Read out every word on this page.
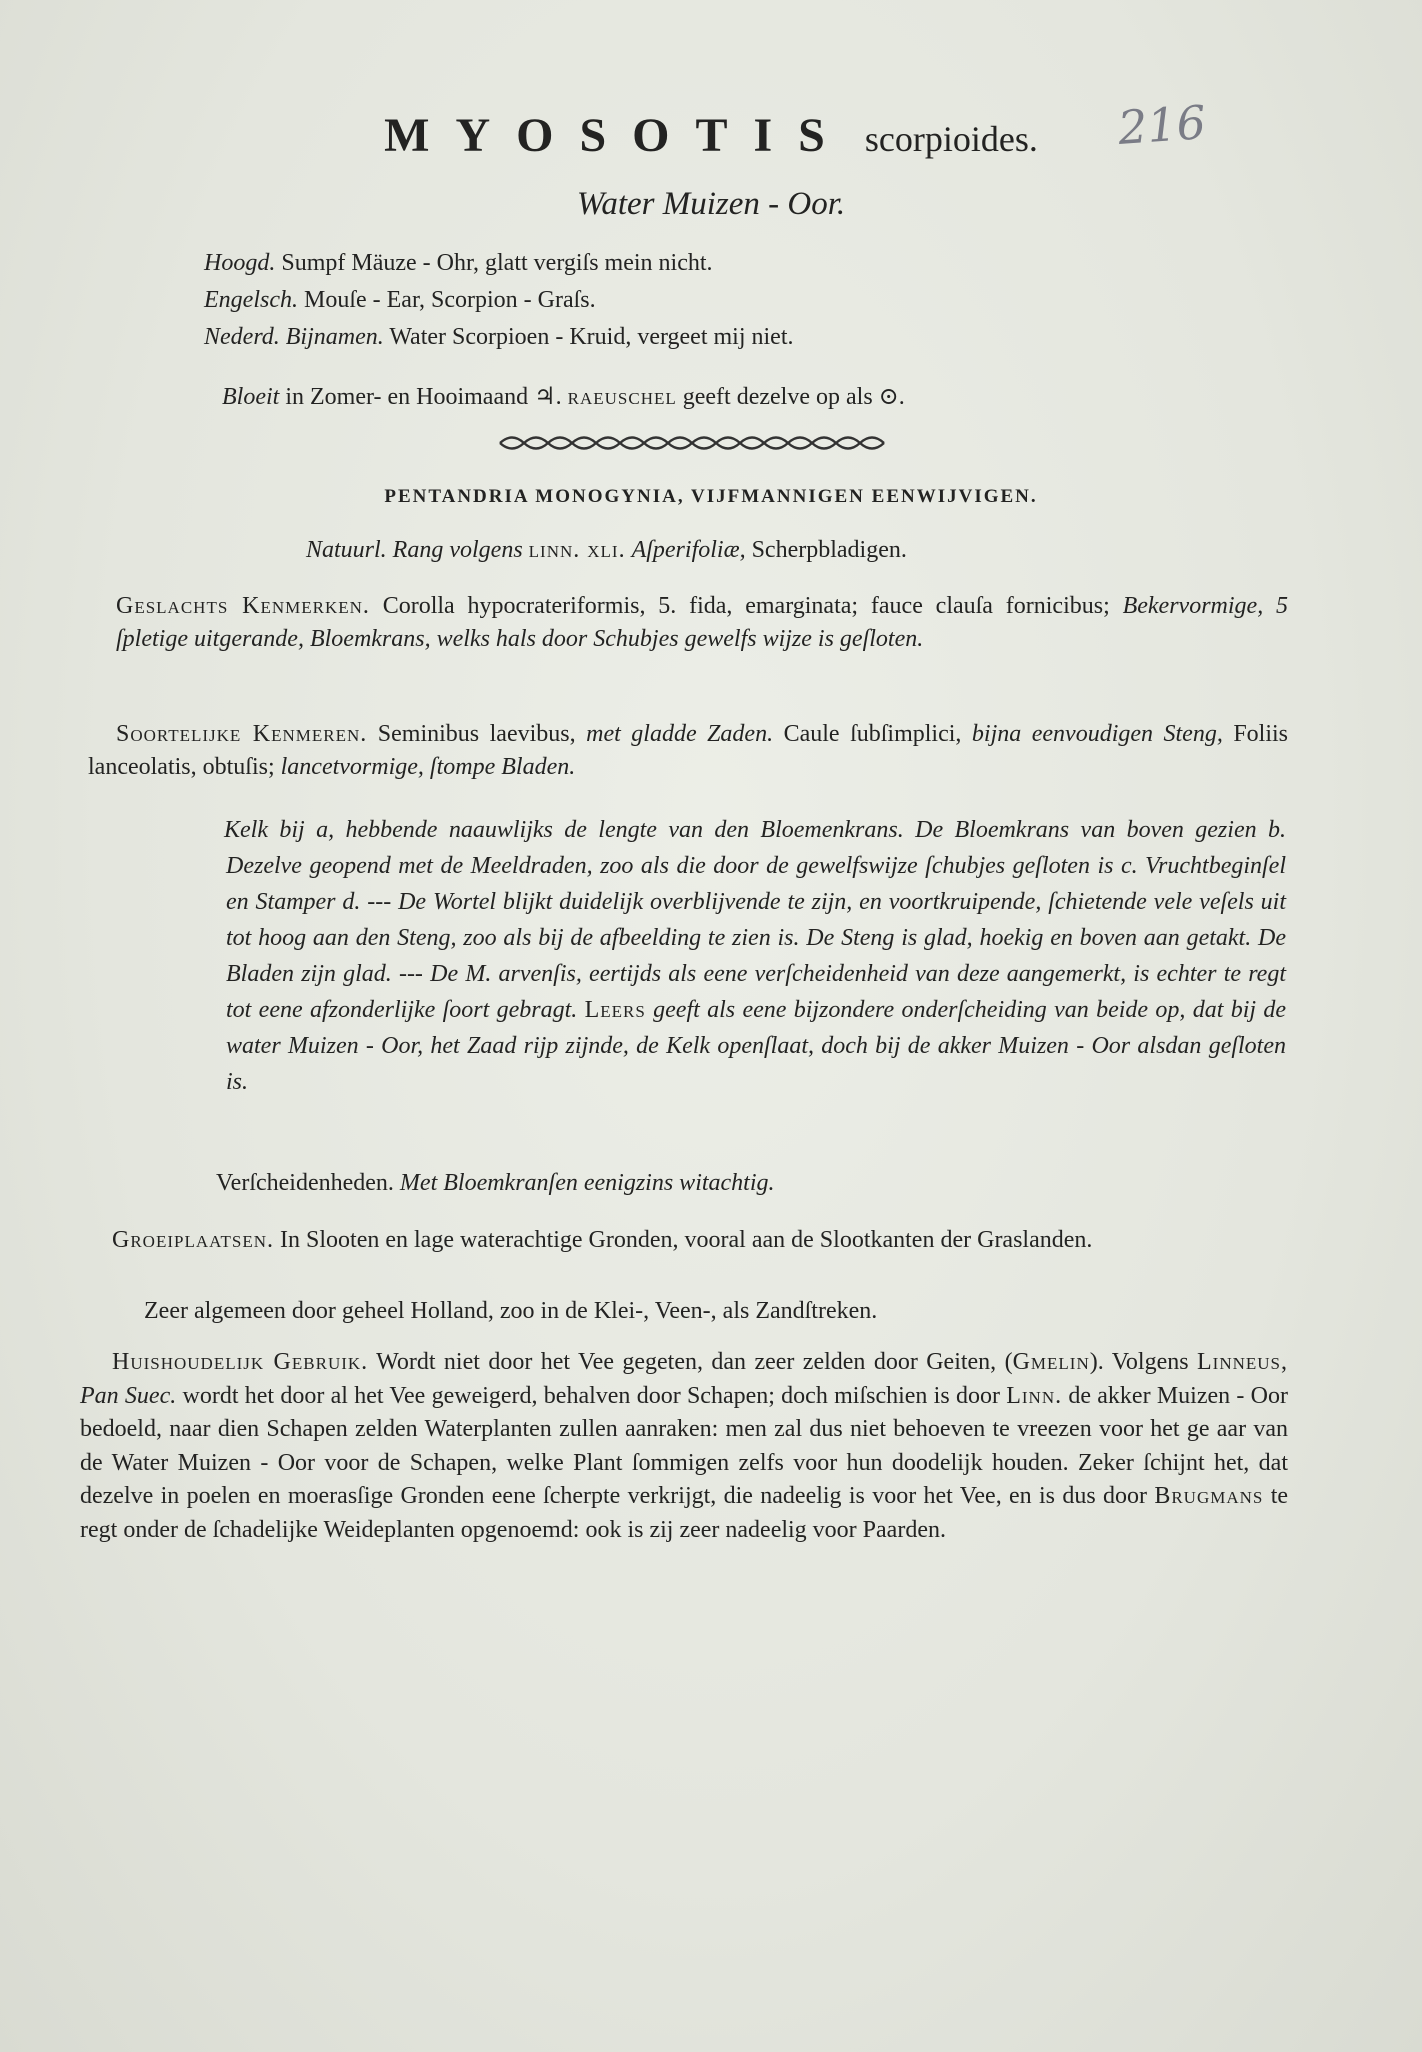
MYOSOTIS scorpioides.	216
Water Muizen - Oor.
Hoogd. Sumpf Mäuze - Ohr, glatt vergiſs mein nicht.
Engelsch. Mouſe - Ear, Scorpion - Graſs.
Nederd. Bijnamen. Water Scorpioen - Kruid, vergeet mij niet.
Bloeit in Zomer- en Hooimaand ♃. raeuschel geeft dezelve op als ⊙.
PENTANDRIA MONOGYNIA, VIJFMANNIGEN EENWIJVIGEN.
Natuurl. Rang volgens linn. xli. Aſperifoliæ, Scherpbladigen.
Geslachts Kenmerken. Corolla hypocrateriformis, 5. fida, emarginata; fauce clauſa fornicibus; Bekervormige, 5 ſpletige uitgerande, Bloemkrans, welks hals door Schubjes gewelfs wijze is geſloten.
Soortelijke Kenmeren. Seminibus laevibus, met gladde Zaden. Caule ſubſimplici, bijna eenvoudigen Steng, Foliis lanceolatis, obtuſis; lancetvormige, ſtompe Bladen.
Kelk bij a, hebbende naauwlijks de lengte van den Bloemenkrans. De Bloemkrans van boven gezien b. Dezelve geopend met de Meeldraden, zoo als die door de gewelfswijze ſchubjes geſloten is c. Vruchtbeginſel en Stamper d. --- De Wortel blijkt duidelijk overblijvende te zijn, en voortkruipende, ſchietende vele veſels uit tot hoog aan den Steng, zoo als bij de afbeelding te zien is. De Steng is glad, hoekig en boven aan getakt. De Bladen zijn glad. --- De M. arvenſis, eertijds als eene verſcheidenheid van deze aangemerkt, is echter te regt tot eene afzonderlijke ſoort gebragt. Leers geeft als eene bijzondere onderſcheiding van beide op, dat bij de water Muizen - Oor, het Zaad rijp zijnde, de Kelk openſlaat, doch bij de akker Muizen - Oor alsdan geſloten is.
Verſcheidenheden. Met Bloemkranſen eenigzins witachtig.
Groeiplaatsen. In Slooten en lage waterachtige Gronden, vooral aan de Slootkanten der Graslanden.
Zeer algemeen door geheel Holland, zoo in de Klei-, Veen-, als Zandſtreken.
Huishoudelijk Gebruik. Wordt niet door het Vee gegeten, dan zeer zelden door Geiten, (Gmelin). Volgens Linneus, Pan Suec. wordt het door al het Vee geweigerd, behalven door Schapen; doch miſschien is door Linn. de akker Muizen - Oor bedoeld, naar dien Schapen zelden Waterplanten zullen aanraken: men zal dus niet behoeven te vreezen voor het ge aar van de Water Muizen - Oor voor de Schapen, welke Plant ſommigen zelfs voor hun doodelijk houden. Zeker ſchijnt het, dat dezelve in poelen en moerasſige Gronden eene ſcherpte verkrijgt, die nadeelig is voor het Vee, en is dus door Brugmans te regt onder de ſchadelijke Weideplanten opgenoemd: ook is zij zeer nadeelig voor Paarden.
